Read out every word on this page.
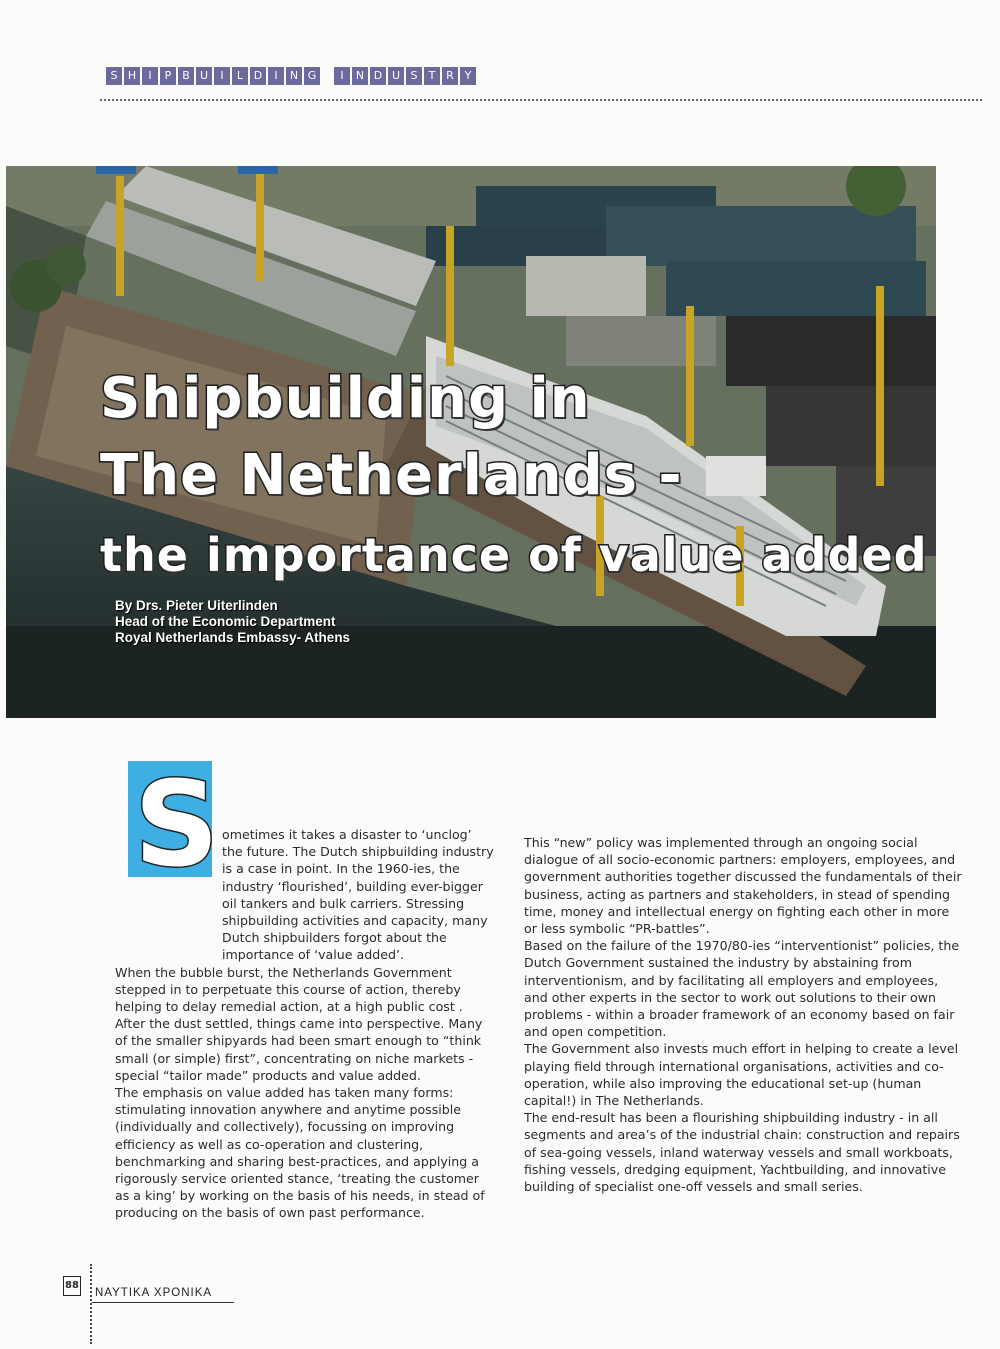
S H	I	P B U	I	L D	I	N G	I	N D U S	T R Y
Shipbuilding in
The Netherlands -
the importance of value added
By Drs. Pieter Uiterlinden
Head of the Economic Department
Royal Netherlands Embassy- Athens
S ometimes it takes a disaster to ‘unclog’ the future. The Dutch shipbuilding industry is a case in point. In the 1960-ies, the industry ‘flourished’, building ever-bigger oil tankers and bulk carriers. Stressing shipbuilding activities and capacity, many Dutch shipbuilders forgot about the importance of ‘value added’.

When the bubble burst, the Netherlands Government stepped in to perpetuate this course of action, thereby helping to delay remedial action, at a high public cost .

After the dust settled, things came into perspective. Many of the smaller shipyards had been smart enough to “think small (or simple) first”, concentrating on niche markets -special “tailor made” products and value added.

The emphasis on value added has taken many forms: stimulating innovation anywhere and anytime possible (individually and collectively), focussing on improving efficiency as well as co-operation and clustering, benchmarking and sharing best-practices, and applying a rigorously service oriented stance, ‘treating the customer as a king’ by working on the basis of his needs, in stead of producing on the basis of own past performance.

This “new” policy was implemented through an ongoing social dialogue of all socio-economic partners: employers, employees, and government authorities together discussed the fundamentals of their business, acting as partners and stakeholders, in stead of spending time, money and intellectual energy on fighting each other in more or less symbolic “PR-battles”.

Based on the failure of the 1970/80-ies “interventionist” policies, the Dutch Government sustained the industry by abstaining from interventionism, and by facilitating all employers and employees, and other experts in the sector to work out solutions to their own problems - within a broader framework of an economy based on fair and open competition.

The Government also invests much effort in helping to create a level playing field through international organisations, activities and co-operation, while also improving the educational set-up (human capital!) in The Netherlands.

The end-result has been a flourishing shipbuilding industry - in all segments and area’s of the industrial chain: construction and repairs of sea-going vessels, inland waterway vessels and small workboats, fishing vessels, dredging equipment, Yachtbuilding, and innovative building of specialist one-off vessels and small series.

88
ΝΑΥΤΙΚΑ ΧΡΟΝΙΚΑ
